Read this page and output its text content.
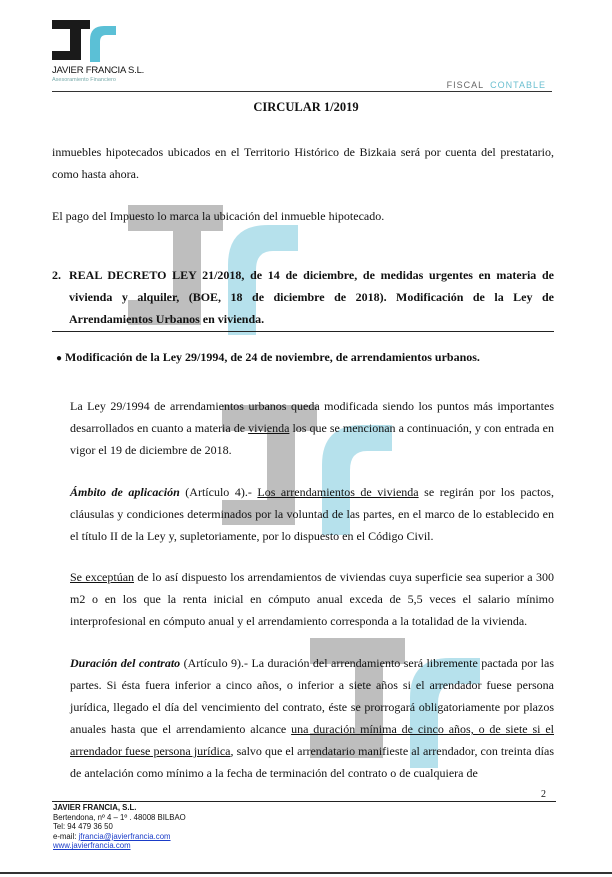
JAVIER FRANCIA S.L.
Asesoramiento Financiero	FISCAL CONTABLE
CIRCULAR 1/2019

inmuebles hipotecados ubicados en el Territorio Histórico de Bizkaia será por cuenta del prestatario, como hasta ahora.

El pago del Impuesto lo marca la ubicación del inmueble hipotecado.

2. REAL DECRETO LEY 21/2018, de 14 de diciembre, de medidas urgentes en materia de vivienda y alquiler, (BOE, 18 de diciembre de 2018). Modificación de la Ley de Arrendamientos Urbanos en vivienda.
● Modificación de la Ley 29/1994, de 24 de noviembre, de arrendamientos urbanos.

La Ley 29/1994 de arrendamientos urbanos queda modificada siendo los puntos más importantes desarrollados en cuanto a materia de vivienda los que se mencionan a continuación, y con entrada en vigor el 19 de diciembre de 2018.

Ámbito de aplicación (Artículo 4).- Los arrendamientos de vivienda se regirán por los pactos, cláusulas y condiciones determinados por la voluntad de las partes, en el marco de lo establecido en el título II de la Ley y, supletoriamente, por lo dispuesto en el Código Civil.

Se exceptúan de lo así dispuesto los arrendamientos de viviendas cuya superficie sea superior a 300 m2 o en los que la renta inicial en cómputo anual exceda de 5,5 veces el salario mínimo interprofesional en cómputo anual y el arrendamiento corresponda a la totalidad de la vivienda.

Duración del contrato (Artículo 9).- La duración del arrendamiento será libremente pactada por las partes. Si ésta fuera inferior a cinco años, o inferior a siete años si el arrendador fuese persona jurídica, llegado el día del vencimiento del contrato, éste se prorrogará obligatoriamente por plazos anuales hasta que el arrendamiento alcance una duración mínima de cinco años, o de siete si el arrendador fuese persona jurídica, salvo que el arrendatario manifieste al arrendador, con treinta días de antelación como mínimo a la fecha de terminación del contrato o de cualquiera de

2
JAVIER FRANCIA, S.L.
Bertendona, nº 4 – 1º . 48008 BILBAO
Tel: 94 479 36 50
e-mail: jfrancia@javierfrancia.com
www.javierfrancia.com
